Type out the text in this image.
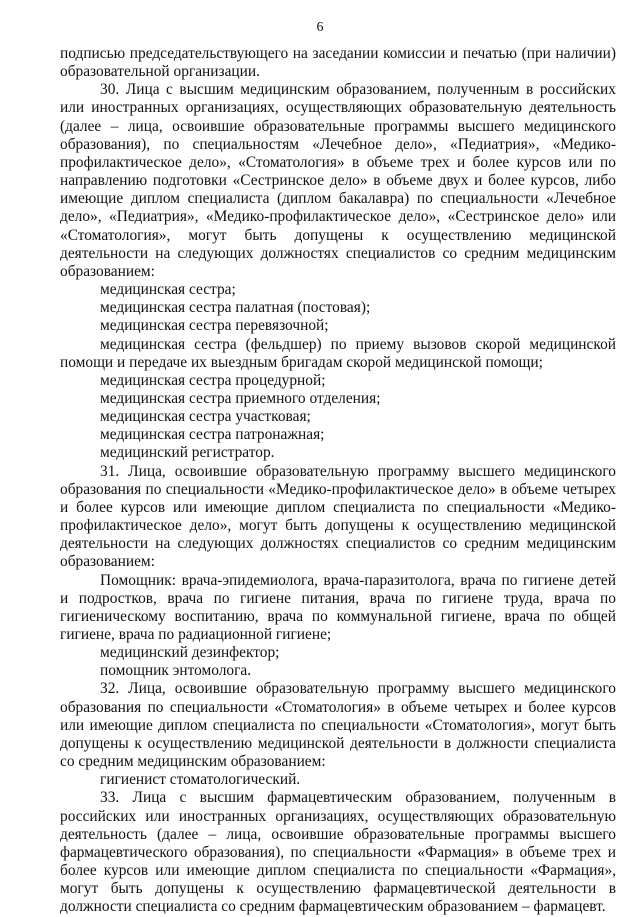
6

подписью председательствующего на заседании комиссии и печатью (при наличии) образовательной организации.

30. Лица с высшим медицинским образованием, полученным в российских или иностранных организациях, осуществляющих образовательную деятельность (далее – лица, освоившие образовательные программы высшего медицинского образования), по специальностям «Лечебное дело», «Педиатрия», «Медико-профилактическое дело», «Стоматология» в объеме трех и более курсов или по направлению подготовки «Сестринское дело» в объеме двух и более курсов, либо имеющие диплом специалиста (диплом бакалавра) по специальности «Лечебное дело», «Педиатрия», «Медико-профилактическое дело», «Сестринское дело» или «Стоматология», могут быть допущены к осуществлению медицинской деятельности на следующих должностях специалистов со средним медицинским образованием:

медицинская сестра;

медицинская сестра палатная (постовая);

медицинская сестра перевязочной;

медицинская сестра (фельдшер) по приему вызовов скорой медицинской помощи и передаче их выездным бригадам скорой медицинской помощи;

медицинская сестра процедурной;

медицинская сестра приемного отделения;

медицинская сестра участковая;

медицинская сестра патронажная;

медицинский регистратор.

31. Лица, освоившие образовательную программу высшего медицинского образования по специальности «Медико-профилактическое дело» в объеме четырех и более курсов или имеющие диплом специалиста по специальности «Медико-профилактическое дело», могут быть допущены к осуществлению медицинской деятельности на следующих должностях специалистов со средним медицинским образованием:

Помощник: врача-эпидемиолога, врача-паразитолога, врача по гигиене детей и подростков, врача по гигиене питания, врача по гигиене труда, врача по гигиеническому воспитанию, врача по коммунальной гигиене, врача по общей гигиене, врача по радиационной гигиене;

медицинский дезинфектор;

помощник энтомолога.

32. Лица, освоившие образовательную программу высшего медицинского образования по специальности «Стоматология» в объеме четырех и более курсов или имеющие диплом специалиста по специальности «Стоматология», могут быть допущены к осуществлению медицинской деятельности в должности специалиста со средним медицинским образованием:

гигиенист стоматологический.

33. Лица с высшим фармацевтическим образованием, полученным в российских или иностранных организациях, осуществляющих образовательную деятельность (далее – лица, освоившие образовательные программы высшего фармацевтического образования), по специальности «Фармация» в объеме трех и более курсов или имеющие диплом специалиста по специальности «Фармация», могут быть допущены к осуществлению фармацевтической деятельности в должности специалиста со средним фармацевтическим образованием – фармацевт.
